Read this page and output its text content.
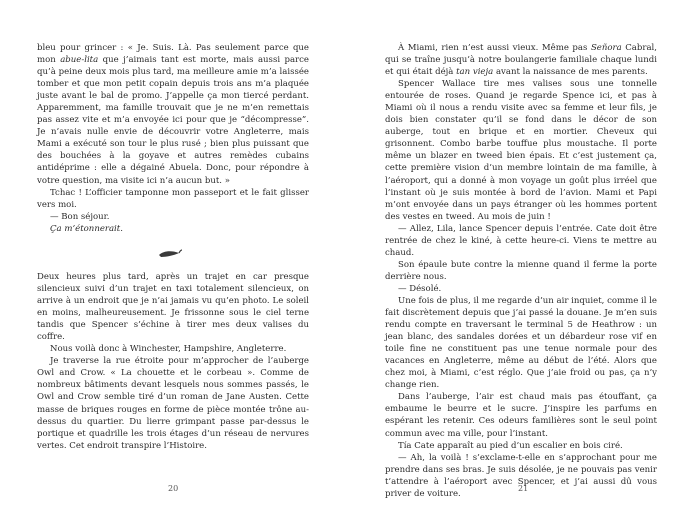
bleu pour grincer : « Je. Suis. Là. Pas seulement parce que mon abue-lita que j’aimais tant est morte, mais aussi parce qu’à peine deux mois plus tard, ma meilleure amie m’a laissée tomber et que mon petit copain depuis trois ans m’a plaquée juste avant le bal de promo. J’appelle ça mon tiercé perdant. Apparemment, ma famille trouvait que je ne m’en remettais pas assez vite et m’a envoyée ici pour que je “décompresse”. Je n’avais nulle envie de découvrir votre Angleterre, mais Mami a exécuté son tour le plus rusé ; bien plus puissant que des bouchées à la goyave et autres remèdes cubains antidéprime : elle a dégainé Abuela. Donc, pour répondre à votre question, ma visite ici n’a aucun but. »

Tchac ! L’officier tamponne mon passeport et le fait glisser vers moi.

— Bon séjour.

Ça m’étonnerait.

Deux heures plus tard, après un trajet en car presque silencieux suivi d’un trajet en taxi totalement silencieux, on arrive à un endroit que je n’ai jamais vu qu’en photo. Le soleil en moins, malheureusement. Je frissonne sous le ciel terne tandis que Spencer s’échine à tirer mes deux valises du coffre.

Nous voilà donc à Winchester, Hampshire, Angleterre.

Je traverse la rue étroite pour m’approcher de l’auberge Owl and Crow. « La chouette et le corbeau ». Comme de nombreux bâtiments devant lesquels nous sommes passés, le Owl and Crow semble tiré d’un roman de Jane Austen. Cette masse de briques rouges en forme de pièce montée trône au-dessus du quartier. Du lierre grimpant passe par-dessus le portique et quadrille les trois étages d’un réseau de nervures vertes. Cet endroit transpire l’Histoire.

20

À Miami, rien n’est aussi vieux. Même pas Señora Cabral, qui se traîne jusqu’à notre boulangerie familiale chaque lundi et qui était déjà tan vieja avant la naissance de mes parents.

Spencer Wallace tire mes valises sous une tonnelle entourée de roses. Quand je regarde Spence ici, et pas à Miami où il nous a rendu visite avec sa femme et leur fils, je dois bien constater qu’il se fond dans le décor de son auberge, tout en brique et en mortier. Cheveux qui grisonnent. Combo barbe touffue plus moustache. Il porte même un blazer en tweed bien épais. Et c’est justement ça, cette première vision d’un membre lointain de ma famille, à l’aéroport, qui a donné à mon voyage un goût plus irréel que l’instant où je suis montée à bord de l’avion. Mami et Papi m’ont envoyée dans un pays étranger où les hommes portent des vestes en tweed. Au mois de juin !

— Allez, Lila, lance Spencer depuis l’entrée. Cate doit être rentrée de chez le kiné, à cette heure-ci. Viens te mettre au chaud.

Son épaule bute contre la mienne quand il ferme la porte derrière nous.

— Désolé.

Une fois de plus, il me regarde d’un air inquiet, comme il le fait discrètement depuis que j’ai passé la douane. Je m’en suis rendu compte en traversant le terminal 5 de Heathrow : un jean blanc, des sandales dorées et un débardeur rose vif en toile fine ne constituent pas une tenue normale pour des vacances en Angleterre, même au début de l’été. Alors que chez moi, à Miami, c’est réglo. Que j’aie froid ou pas, ça n’y change rien.

Dans l’auberge, l’air est chaud mais pas étouffant, ça embaume le beurre et le sucre. J’inspire les parfums en espérant les retenir. Ces odeurs familières sont le seul point commun avec ma ville, pour l’instant.

Tía Cate apparaît au pied d’un escalier en bois ciré.

— Ah, la voilà ! s’exclame-t-elle en s’approchant pour me prendre dans ses bras. Je suis désolée, je ne pouvais pas venir t’attendre à l’aéroport avec Spencer, et j’ai aussi dû vous priver de voiture.

21
